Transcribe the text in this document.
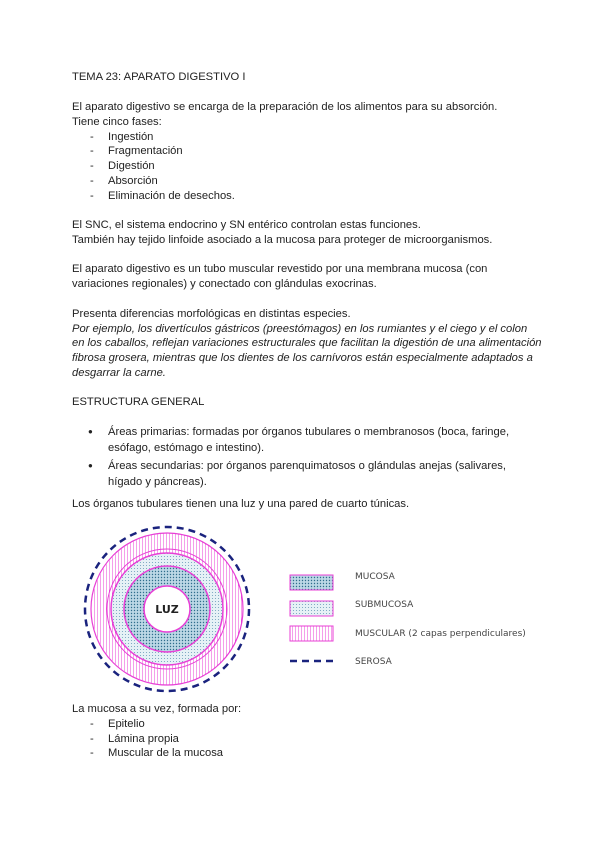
TEMA 23: APARATO DIGESTIVO I

El aparato digestivo se encarga de la preparación de los alimentos para su absorción.

Tiene cinco fases:

- Ingestión
- Fragmentación
- Digestión
- Absorción
- Eliminación de desechos.

El SNC, el sistema endocrino y SN entérico controlan estas funciones.

También hay tejido linfoide asociado a la mucosa para proteger de microorganismos.

El aparato digestivo es un tubo muscular revestido por una membrana mucosa (con variaciones regionales) y conectado con glándulas exocrinas.

Presenta diferencias morfológicas en distintas especies.

Por ejemplo, los divertículos gástricos (preestómagos) en los rumiantes y el ciego y el colon en los caballos, reflejan variaciones estructurales que facilitan la digestión de una alimentación fibrosa grosera, mientras que los dientes de los carnívoros están especialmente adaptados a desgarrar la carne.

ESTRUCTURA GENERAL

● Áreas primarias: formadas por órganos tubulares o membranosos (boca, faringe, esófago, estómago e intestino).
● Áreas secundarias: por órganos parenquimatosos o glándulas anejas (salivares, hígado y páncreas).

Los órganos tubulares tienen una luz y una pared de cuarto túnicas.

LUZ
MUCOSA
SUBMUCOSA
MUSCULAR (2 capas perpendiculares)
SEROSA

La mucosa a su vez, formada por:

- Epitelio
- Lámina propia
- Muscular de la mucosa
